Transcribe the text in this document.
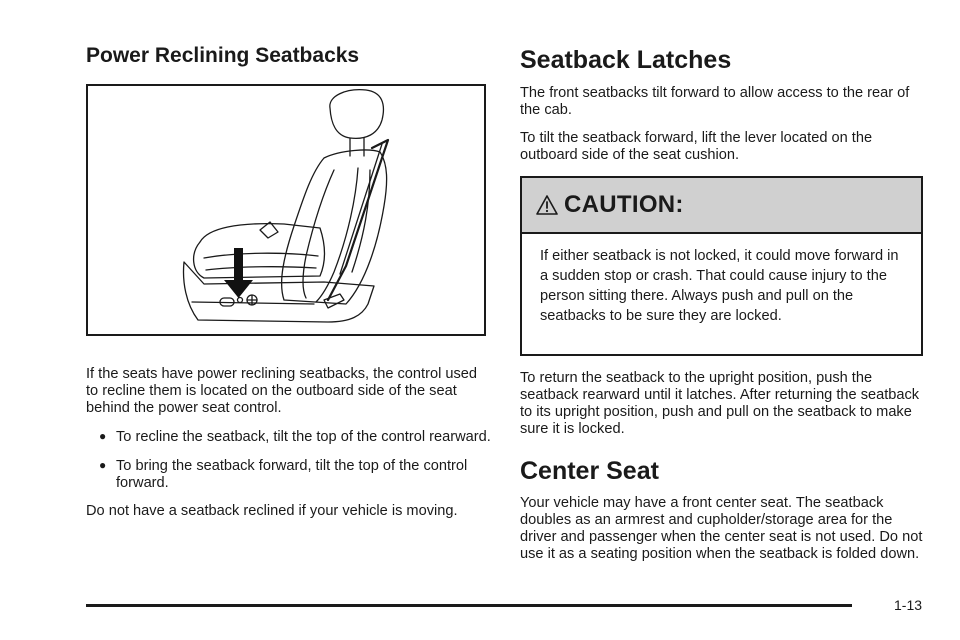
Power Reclining Seatbacks

If the seats have power reclining seatbacks, the control used to recline them is located on the outboard side of the seat behind the power seat control.

● To recline the seatback, tilt the top of the control rearward.

● To bring the seatback forward, tilt the top of the control forward.

Do not have a seatback reclined if your vehicle is moving.

Seatback Latches

The front seatbacks tilt forward to allow access to the rear of the cab.

To tilt the seatback forward, lift the lever located on the outboard side of the seat cushion.

CAUTION:
If either seatback is not locked, it could move forward in a sudden stop or crash. That could cause injury to the person sitting there. Always push and pull on the seatbacks to be sure they are locked.

To return the seatback to the upright position, push the seatback rearward until it latches. After returning the seatback to its upright position, push and pull on the seatback to make sure it is locked.

Center Seat

Your vehicle may have a front center seat. The seatback doubles as an armrest and cupholder/storage area for the driver and passenger when the center seat is not used. Do not use it as a seating position when the seatback is folded down.

1-13
